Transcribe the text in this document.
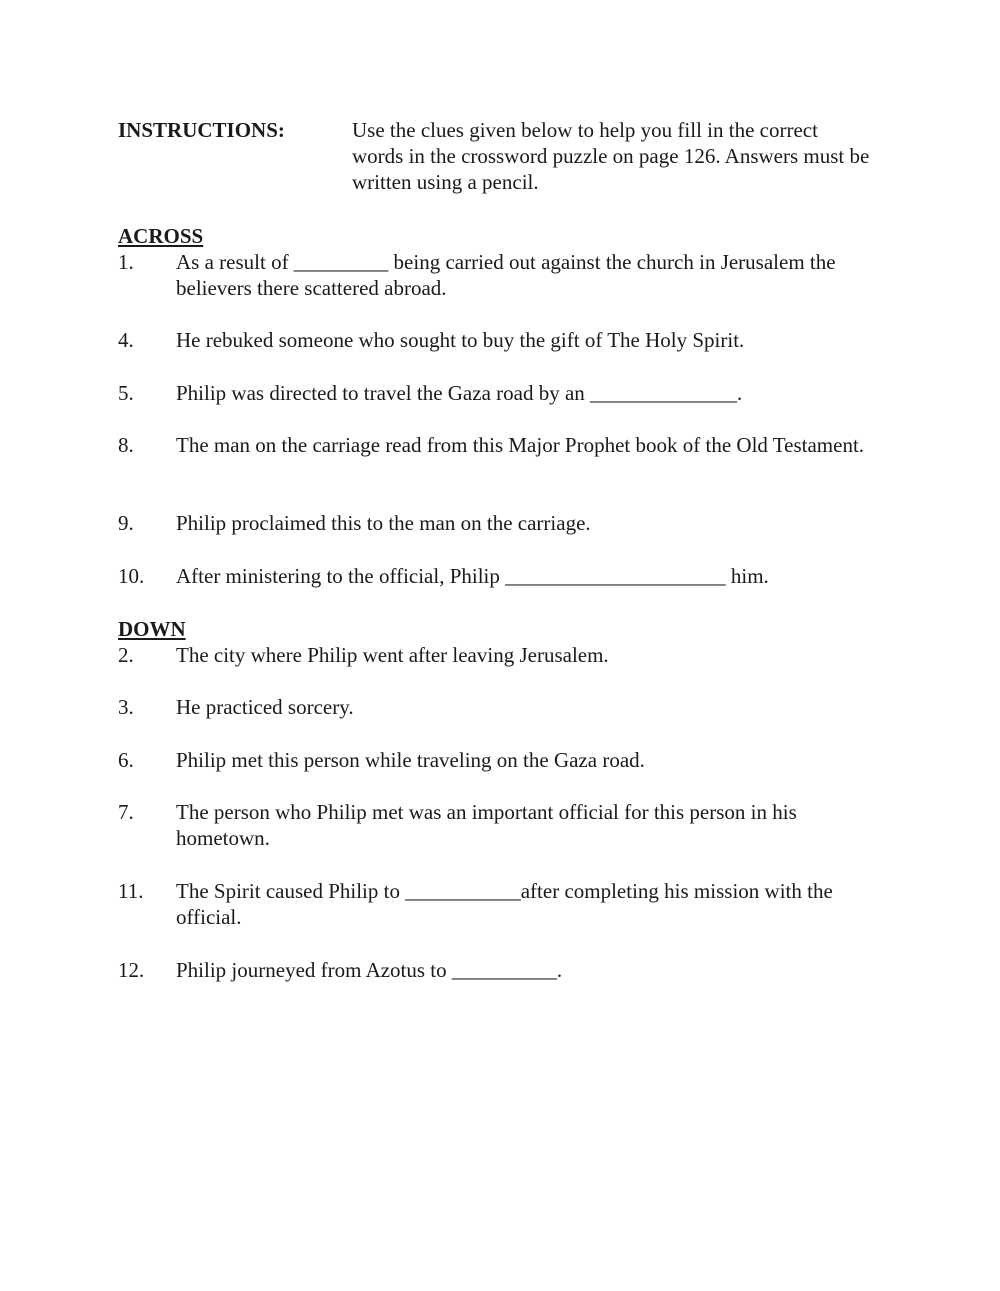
INSTRUCTIONS:	Use the clues given below to help you fill in the correct words in the crossword puzzle on page 126. Answers must be written using a pencil.
ACROSS
1.	As a result of _________ being carried out against the church in Jerusalem the believers there scattered abroad.
4.	He rebuked someone who sought to buy the gift of The Holy Spirit.
5.	Philip was directed to travel the Gaza road by an ______________.
8.	The man on the carriage read from this Major Prophet book of the Old Testament.
9.	Philip proclaimed this to the man on the carriage.
10.	After ministering to the official, Philip _____________________ him.
DOWN
2.	The city where Philip went after leaving Jerusalem.
3.	He practiced sorcery.
6.	Philip met this person while traveling on the Gaza road.
7.	The person who Philip met was an important official for this person in his hometown.
11.	The Spirit caused Philip to ___________after completing his mission with the official.
12.	Philip journeyed from Azotus to __________.
